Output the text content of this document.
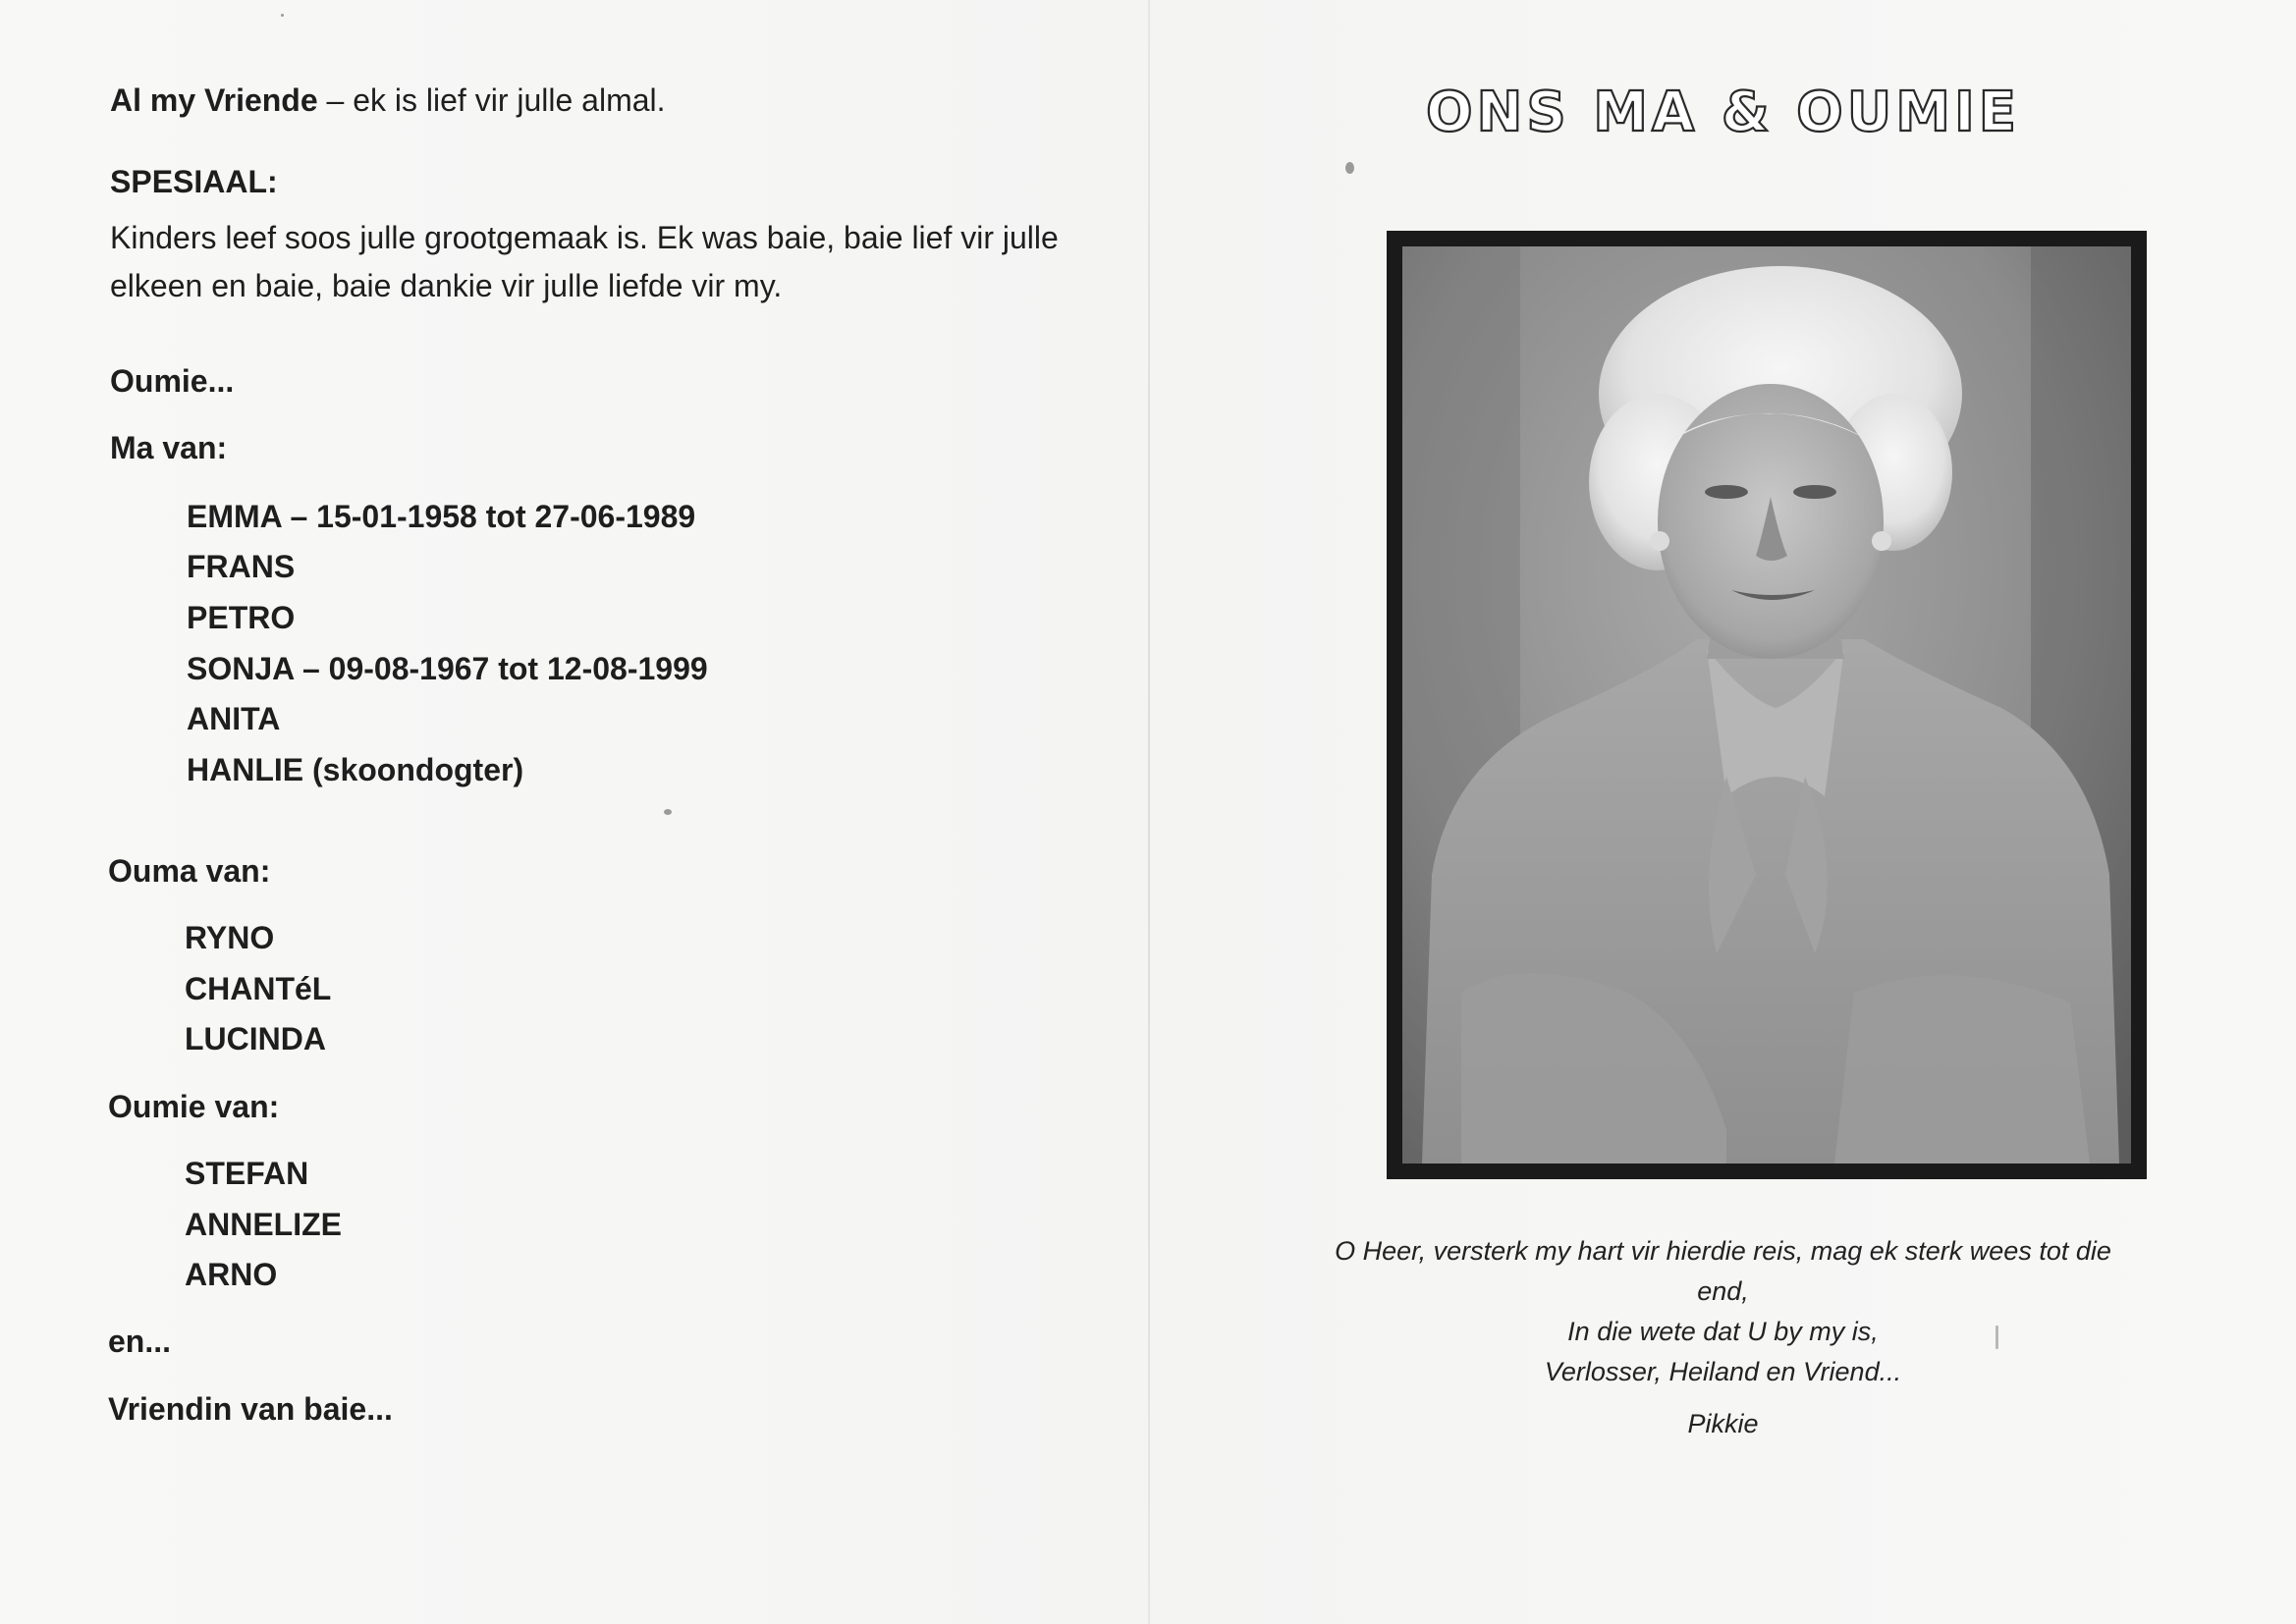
Al my Vriende – ek is lief vir julle almal.
SPESIAAL:
Kinders leef soos julle grootgemaak is. Ek was baie, baie lief vir julle elkeen en baie, baie dankie vir julle liefde vir my.
Oumie...
Ma van:
EMMA – 15-01-1958 tot 27-06-1989
FRANS
PETRO
SONJA – 09-08-1967 tot 12-08-1999
ANITA
HANLIE (skoondogter)
Ouma van:
RYNO
CHANTéL
LUCINDA
Oumie van:
STEFAN
ANNELIZE
ARNO
en...
Vriendin van baie...
ONS MA & OUMIE
O Heer, versterk my hart vir hierdie reis, mag ek sterk wees tot die
end,
In die wete dat U by my is,
Verlosser, Heiland en Vriend...
Pikkie
